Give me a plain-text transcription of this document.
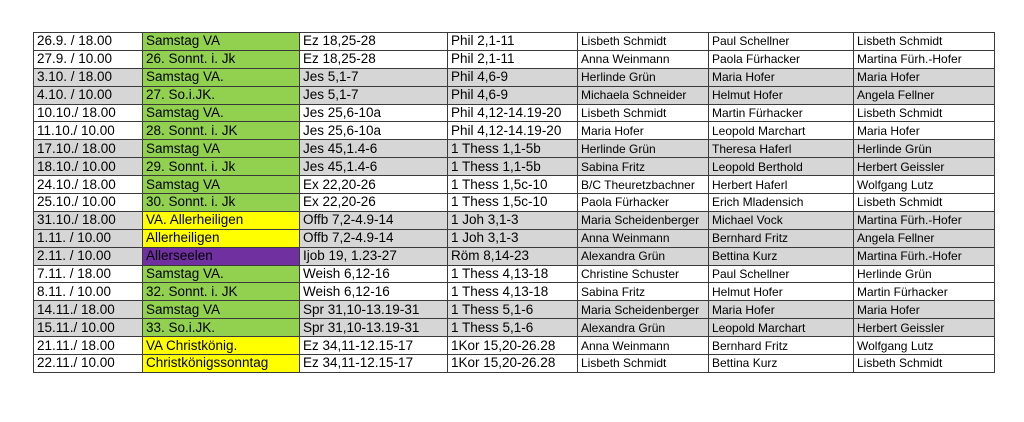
26.9. / 18.00	Samstag VA	Ez 18,25-28	Phil 2,1-11	Lisbeth Schmidt	Paul Schellner	Lisbeth Schmidt
27.9. / 10.00	26. Sonnt. i. Jk	Ez 18,25-28	Phil 2,1-11	Anna Weinmann	Paola Fürhacker	Martina Fürh.-Hofer
3.10. / 18.00	Samstag VA.	Jes 5,1-7	Phil 4,6-9	Herlinde Grün	Maria Hofer	Maria Hofer
4.10. / 10.00	27. So.i.JK.	Jes 5,1-7	Phil 4,6-9	Michaela Schneider	Helmut Hofer	Angela Fellner
10.10./ 18.00	Samstag VA.	Jes 25,6-10a	Phil 4,12-14.19-20	Lisbeth Schmidt	Martin Fürhacker	Lisbeth Schmidt
11.10./ 10.00	28. Sonnt. i. JK	Jes 25,6-10a	Phil 4,12-14.19-20	Maria Hofer	Leopold Marchart	Maria Hofer
17.10./ 18.00	Samstag VA	Jes 45,1.4-6	1 Thess 1,1-5b	Herlinde Grün	Theresa Haferl	Herlinde Grün
18.10./ 10.00	29. Sonnt. i. Jk	Jes 45,1.4-6	1 Thess 1,1-5b	Sabina Fritz	Leopold Berthold	Herbert Geissler
24.10./ 18.00	Samstag VA	Ex 22,20-26	1 Thess 1,5c-10	B/C Theuretzbachner	Herbert Haferl	Wolfgang Lutz
25.10./ 10.00	30. Sonnt. i. Jk	Ex 22,20-26	1 Thess 1,5c-10	Paola Fürhacker	Erich Mladensich	Lisbeth Schmidt
31.10./ 18.00	VA. Allerheiligen	Offb 7,2-4.9-14	1 Joh 3,1-3	Maria Scheidenberger	Michael Vock	Martina Fürh.-Hofer
1.11. / 10.00	Allerheiligen	Offb 7,2-4.9-14	1 Joh 3,1-3	Anna Weinmann	Bernhard Fritz	Angela Fellner
2.11. / 10.00	Allerseelen	Ijob 19, 1.23-27	Röm 8,14-23	Alexandra Grün	Bettina Kurz	Martina Fürh.-Hofer
7.11. / 18.00	Samstag VA.	Weish 6,12-16	1 Thess 4,13-18	Christine Schuster	Paul Schellner	Herlinde Grün
8.11. / 10.00	32. Sonnt. i. JK	Weish 6,12-16	1 Thess 4,13-18	Sabina Fritz	Helmut Hofer	Martin Fürhacker
14.11./ 18.00	Samstag VA	Spr 31,10-13.19-31	1 Thess 5,1-6	Maria Scheidenberger	Maria Hofer	Maria Hofer
15.11./ 10.00	33. So.i.JK.	Spr 31,10-13.19-31	1 Thess 5,1-6	Alexandra Grün	Leopold Marchart	Herbert Geissler
21.11./ 18.00	VA Christkönig.	Ez 34,11-12.15-17	1Kor 15,20-26.28	Anna Weinmann	Bernhard Fritz	Wolfgang Lutz
22.11./ 10.00	Christkönigssonntag	Ez 34,11-12.15-17	1Kor 15,20-26.28	Lisbeth Schmidt	Bettina Kurz	Lisbeth Schmidt
